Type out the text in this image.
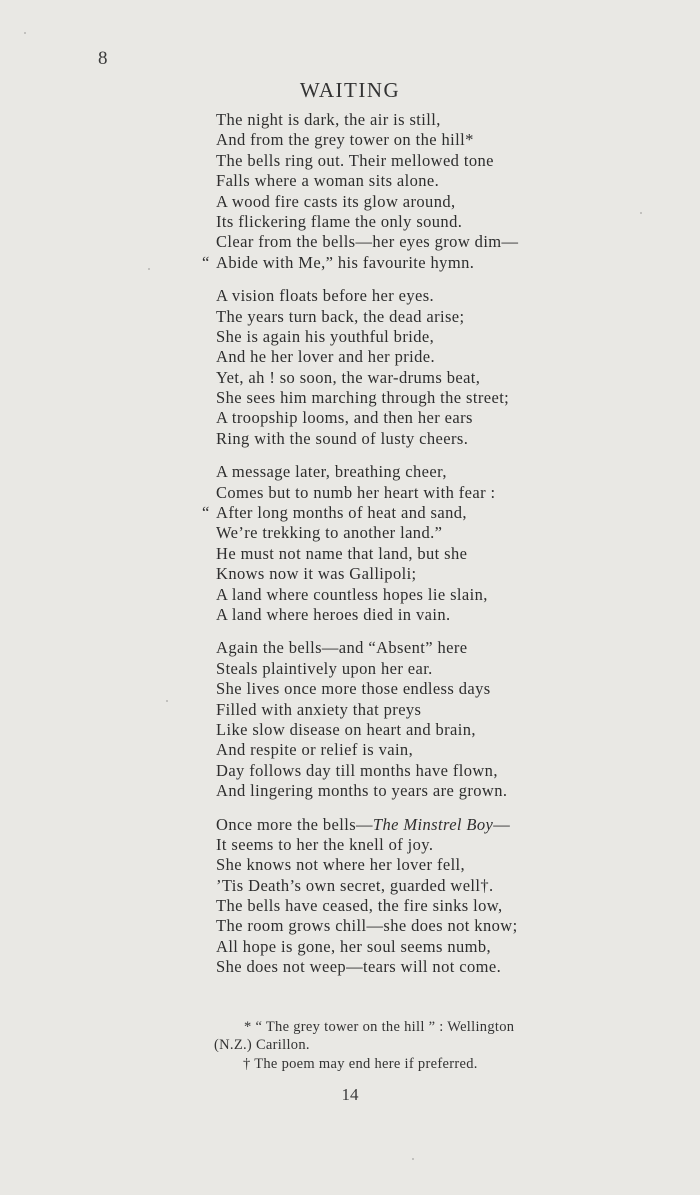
8
WAITING
The night is dark, the air is still,
And from the grey tower on the hill*
The bells ring out. Their mellowed tone
Falls where a woman sits alone.
A wood fire casts its glow around,
Its flickering flame the only sound.
Clear from the bells—her eyes grow dim—
“ Abide with Me,” his favourite hymn.
A vision floats before her eyes.
The years turn back, the dead arise;
She is again his youthful bride,
And he her lover and her pride.
Yet, ah ! so soon, the war-drums beat,
She sees him marching through the street;
A troopship looms, and then her ears
Ring with the sound of lusty cheers.
A message later, breathing cheer,
Comes but to numb her heart with fear :
“ After long months of heat and sand,
We’re trekking to another land.”
He must not name that land, but she
Knows now it was Gallipoli;
A land where countless hopes lie slain,
A land where heroes died in vain.
Again the bells—and “Absent” here
Steals plaintively upon her ear.
She lives once more those endless days
Filled with anxiety that preys
Like slow disease on heart and brain,
And respite or relief is vain,
Day follows day till months have flown,
And lingering months to years are grown.
Once more the bells—The Minstrel Boy—
It seems to her the knell of joy.
She knows not where her lover fell,
’Tis Death’s own secret, guarded well†.
The bells have ceased, the fire sinks low,
The room grows chill—she does not know;
All hope is gone, her soul seems numb,
She does not weep—tears will not come.
* “ The grey tower on the hill ” : Wellington
(N.Z.) Carillon.
† The poem may end here if preferred.
14
